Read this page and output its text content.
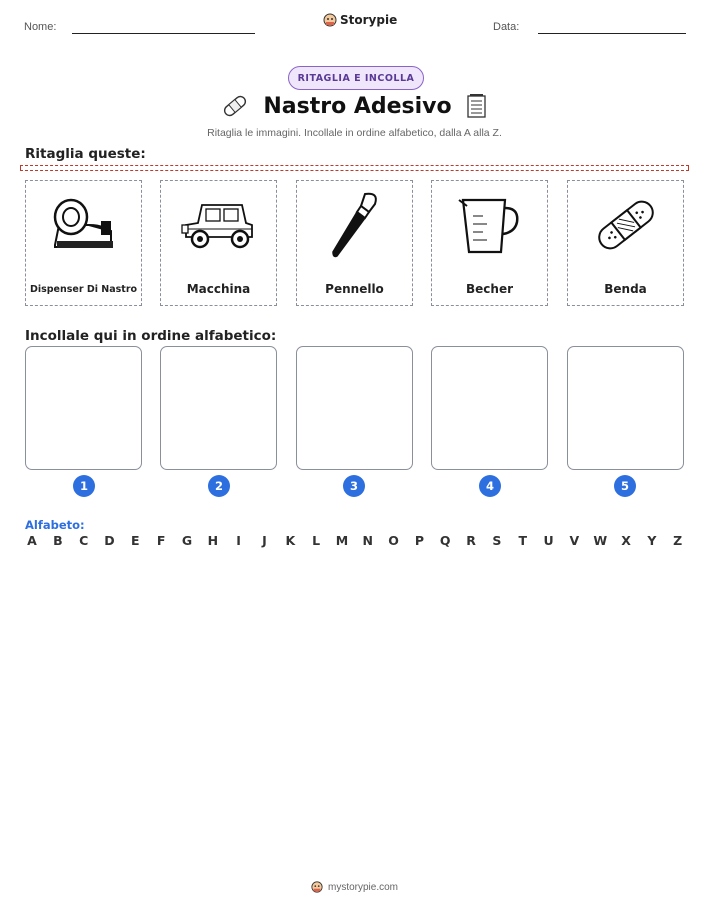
Nome:	Storypie	Data:
RITAGLIA E INCOLLA
Nastro Adesivo
Ritaglia le immagini. Incollale in ordine alfabetico, dalla A alla Z.
Ritaglia queste:
Dispenser Di Nastro	Macchina	Pennello	Becher	Benda
Incollale qui in ordine alfabetico:
1	2	3	4	5
Alfabeto:
A B C D E F G H	I	J	K L M N O P Q R S T U V W X Y Z
mystorypie.com
